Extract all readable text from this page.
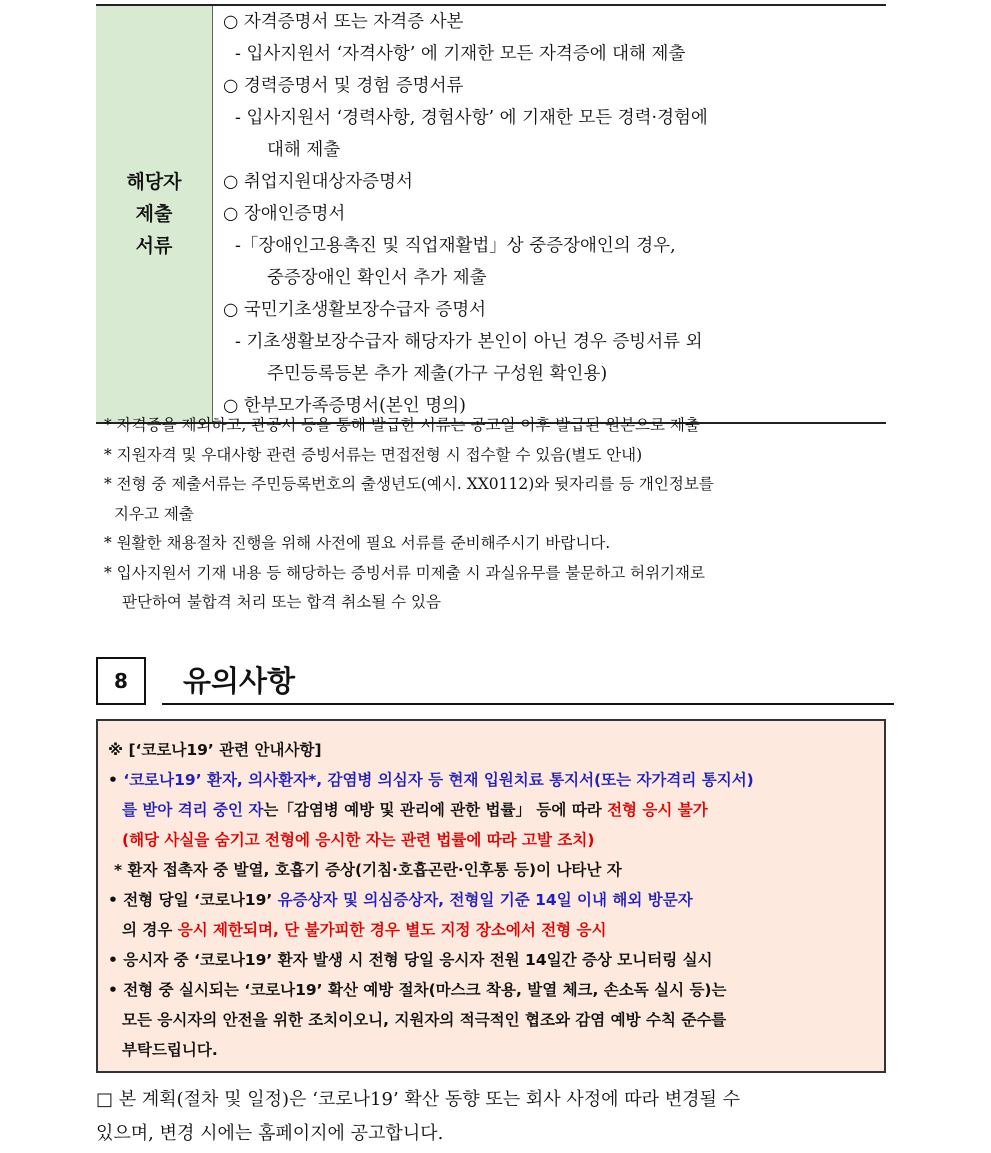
해당자
제출
서류
○ 자격증명서 또는 자격증 사본
- 입사지원서 ‘자격사항’ 에 기재한 모든 자격증에 대해 제출
○ 경력증명서 및 경험 증명서류
- 입사지원서 ‘경력사항, 경험사항’ 에 기재한 모든 경력·경험에
대해 제출
○ 취업지원대상자증명서
○ 장애인증명서
-「장애인고용촉진 및 직업재활법」상 중증장애인의 경우,
중증장애인 확인서 추가 제출
○ 국민기초생활보장수급자 증명서
- 기초생활보장수급자 해당자가 본인이 아닌 경우 증빙서류 외
주민등록등본 추가 제출(가구 구성원 확인용)
○ 한부모가족증명서(본인 명의)
* 자격증을 제외하고, 관공서 등을 통해 발급한 서류는 공고일 이후 발급된 원본으로 제출
* 지원자격 및 우대사항 관련 증빙서류는 면접전형 시 접수할 수 있음(별도 안내)
* 전형 중 제출서류는 주민등록번호의 출생년도(예시. XX0112)와 뒷자리를 등 개인정보를
지우고 제출
* 원활한 채용절차 진행을 위해 사전에 필요 서류를 준비해주시기 바랍니다.
* 입사지원서 기재 내용 등 해당하는 증빙서류 미제출 시 과실유무를 불문하고 허위기재로
판단하여 불합격 처리 또는 합격 취소될 수 있음
8	유의사항
※ [‘코로나19’ 관련 안내사항]
• ‘코로나19’ 환자, 의사환자*, 감염병 의심자 등 현재 입원치료 통지서(또는 자가격리 통지서)
를 받아 격리 중인 자는「감염병 예방 및 관리에 관한 법률」 등에 따라 전형 응시 불가
(해당 사실을 숨기고 전형에 응시한 자는 관련 법률에 따라 고발 조치)
* 환자 접촉자 중 발열, 호흡기 증상(기침·호흡곤란·인후통 등)이 나타난 자
• 전형 당일 ‘코로나19’ 유증상자 및 의심증상자, 전형일 기준 14일 이내 해외 방문자
의 경우 응시 제한되며, 단 불가피한 경우 별도 지정 장소에서 전형 응시
• 응시자 중 ‘코로나19’ 환자 발생 시 전형 당일 응시자 전원 14일간 증상 모니터링 실시
• 전형 중 실시되는 ‘코로나19’ 확산 예방 절차(마스크 착용, 발열 체크, 손소독 실시 등)는
모든 응시자의 안전을 위한 조치이오니, 지원자의 적극적인 협조와 감염 예방 수칙 준수를
부탁드립니다.
□ 본 계획(절차 및 일정)은 ‘코로나19’ 확산 동향 또는 회사 사정에 따라 변경될 수
있으며, 변경 시에는 홈페이지에 공고합니다.
